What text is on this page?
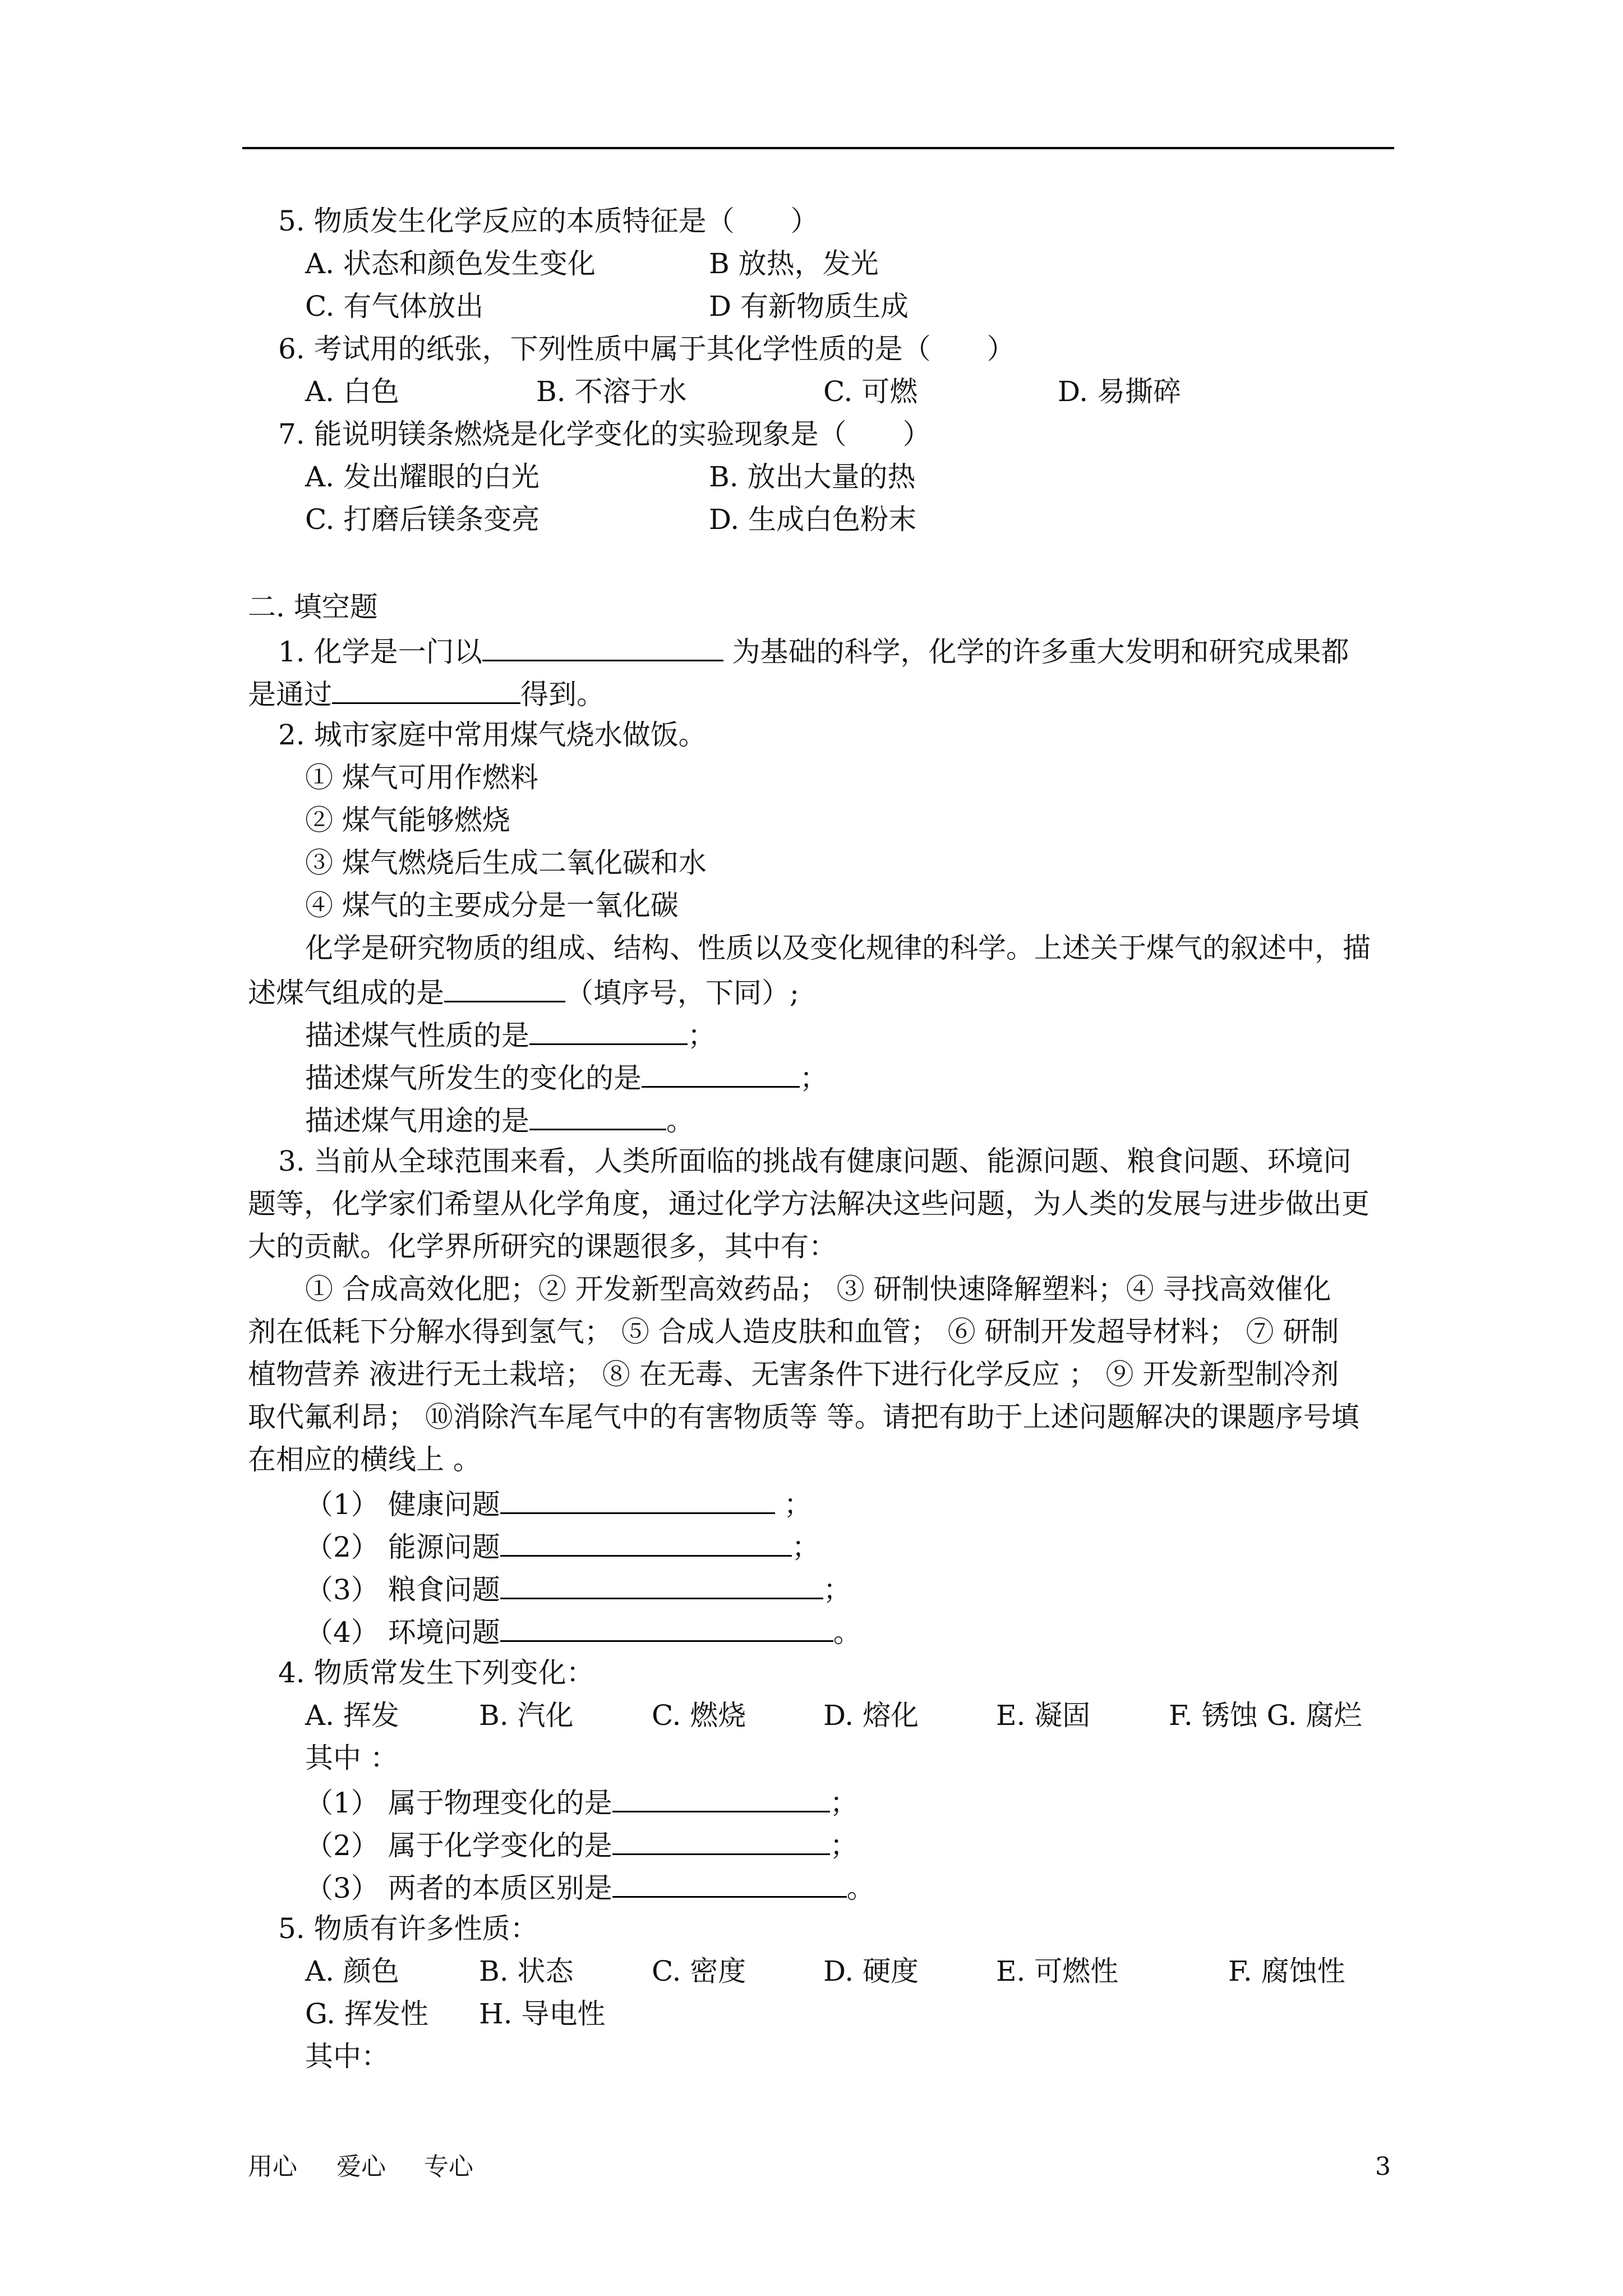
5. 物质发生化学反应的本质特征是（　　）
A. 状态和颜色发生变化	B 放热，发光
C. 有气体放出	D 有新物质生成
6. 考试用的纸张，下列性质中属于其化学性质的是（　　）
A. 白色	B. 不溶于水	C. 可燃	D. 易撕碎
7. 能说明镁条燃烧是化学变化的实验现象是（　　）
A. 发出耀眼的白光	B. 放出大量的热
C. 打磨后镁条变亮	D. 生成白色粉末
二. 填空题
1. 化学是一门以	为基础的科学，化学的许多重大发明和研究成果都
是通过	得到。
2. 城市家庭中常用煤气烧水做饭。
① 煤气可用作燃料
② 煤气能够燃烧
③ 煤气燃烧后生成二氧化碳和水
④ 煤气的主要成分是一氧化碳
化学是研究物质的组成、结构、性质以及变化规律的科学。上述关于煤气的叙述中，描
述煤气组成的是	（填序号，下同）;
描述煤气性质的是	；
描述煤气所发生的变化的是	；
描述煤气用途的是	。
3. 当前从全球范围来看，人类所面临的挑战有健康问题、能源问题、粮食问题、环境问
题等，化学家们希望从化学角度，通过化学方法解决这些问题，为人类的发展与进步做出更
大的贡献。化学界所研究的课题很多，其中有：
① 合成高效化肥；② 开发新型高效药品； ③ 研制快速降解塑料；④ 寻找高效催化
剂在低耗下分解水得到氢气； ⑤ 合成人造皮肤和血管； ⑥ 研制开发超导材料； ⑦ 研制
植物营养 液进行无土栽培； ⑧ 在无毒、无害条件下进行化学反应 ； ⑨ 开发新型制冷剂
取代氟利昂； ⑩消除汽车尾气中的有害物质等 等。请把有助于上述问题解决的课题序号填
在相应的横线上 。
（1） 健康问题	；
（2） 能源问题	；
（3） 粮食问题	；
（4） 环境问题	。
4. 物质常发生下列变化：
A. 挥发	B. 汽化	C. 燃烧	D. 熔化	E. 凝固	F. 锈蚀 G. 腐烂
其中 ：
（1） 属于物理变化的是	；
（2） 属于化学变化的是	；
（3） 两者的本质区别是	。
5. 物质有许多性质：
A. 颜色	B. 状态	C. 密度	D. 硬度	E. 可燃性	F. 腐蚀性
G. 挥发性 H. 导电性
其中：
用心 爱心 专心	3
